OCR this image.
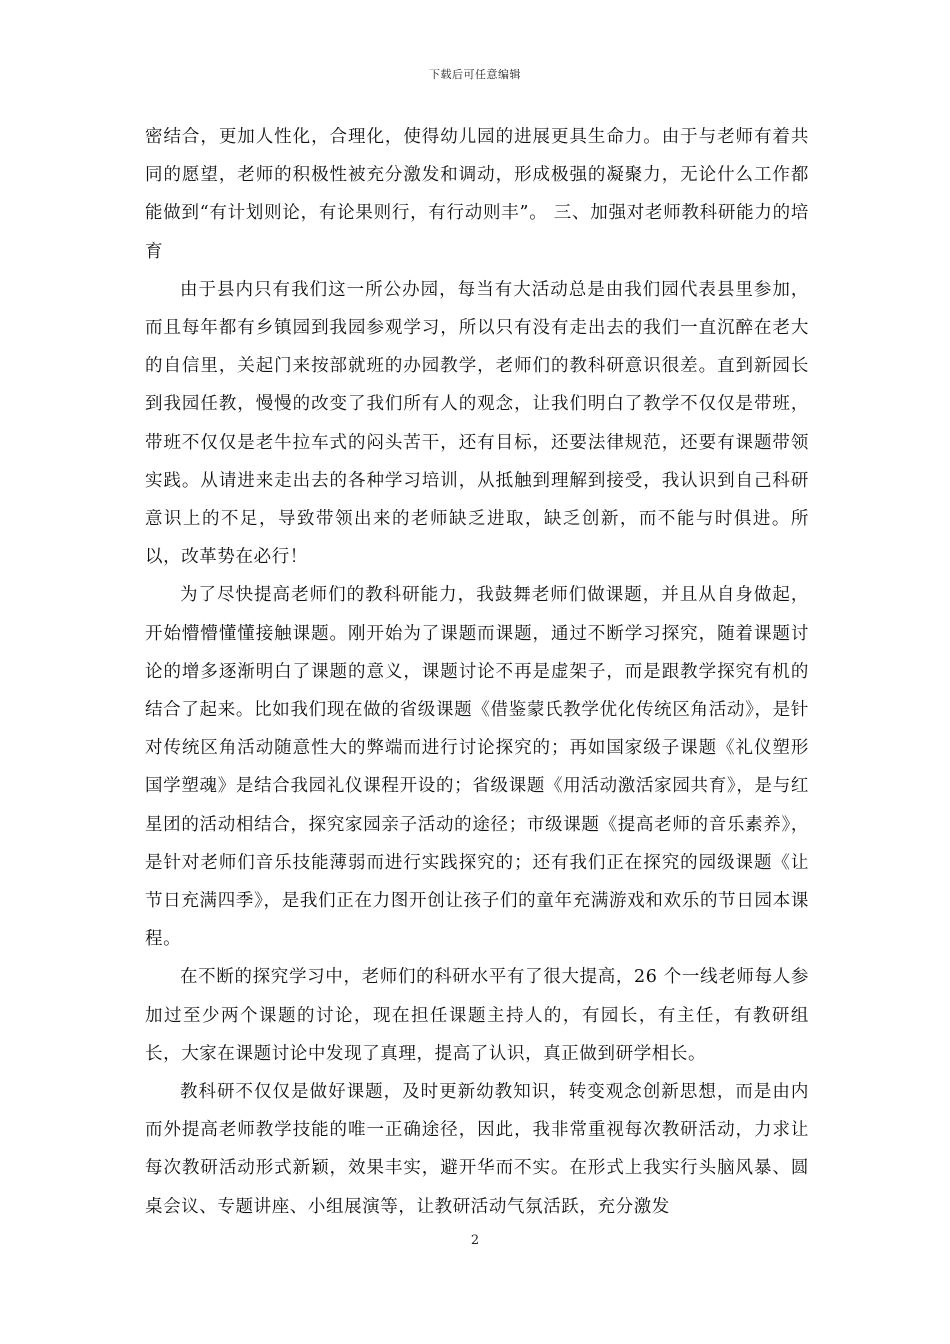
下载后可任意编辑

密结合，更加人性化，合理化，使得幼儿园的进展更具生命力。由于与老师有着共同的愿望，老师的积极性被充分激发和调动，形成极强的凝聚力，无论什么工作都能做到“有计划则论，有论果则行，有行动则丰”。 三、加强对老师教科研能力的培育

由于县内只有我们这一所公办园，每当有大活动总是由我们园代表县里参加，而且每年都有乡镇园到我园参观学习，所以只有没有走出去的我们一直沉醉在老大的自信里，关起门来按部就班的办园教学，老师们的教科研意识很差。直到新园长到我园任教，慢慢的改变了我们所有人的观念，让我们明白了教学不仅仅是带班，带班不仅仅是老牛拉车式的闷头苦干，还有目标，还要法律规范，还要有课题带领实践。从请进来走出去的各种学习培训，从抵触到理解到接受，我认识到自己科研意识上的不足，导致带领出来的老师缺乏进取，缺乏创新，而不能与时俱进。所以，改革势在必行！

为了尽快提高老师们的教科研能力，我鼓舞老师们做课题，并且从自身做起，开始懵懵懂懂接触课题。刚开始为了课题而课题，通过不断学习探究，随着课题讨论的增多逐渐明白了课题的意义，课题讨论不再是虚架子，而是跟教学探究有机的结合了起来。比如我们现在做的省级课题《借鉴蒙氏教学优化传统区角活动》，是针对传统区角活动随意性大的弊端而进行讨论探究的；再如国家级子课题《礼仪塑形 国学塑魂》是结合我园礼仪课程开设的；省级课题《用活动激活家园共育》，是与红星团的活动相结合，探究家园亲子活动的途径；市级课题《提高老师的音乐素养》，是针对老师们音乐技能薄弱而进行实践探究的；还有我们正在探究的园级课题《让节日充满四季》，是我们正在力图开创让孩子们的童年充满游戏和欢乐的节日园本课程。

在不断的探究学习中，老师们的科研水平有了很大提高，26 个一线老师每人参加过至少两个课题的讨论，现在担任课题主持人的，有园长，有主任，有教研组长，大家在课题讨论中发现了真理，提高了认识，真正做到研学相长。

教科研不仅仅是做好课题，及时更新幼教知识，转变观念创新思想，而是由内而外提高老师教学技能的唯一正确途径，因此，我非常重视每次教研活动，力求让每次教研活动形式新颖，效果丰实，避开华而不实。在形式上我实行头脑风暴、圆桌会议、专题讲座、小组展演等，让教研活动气氛活跃，充分激发

2
